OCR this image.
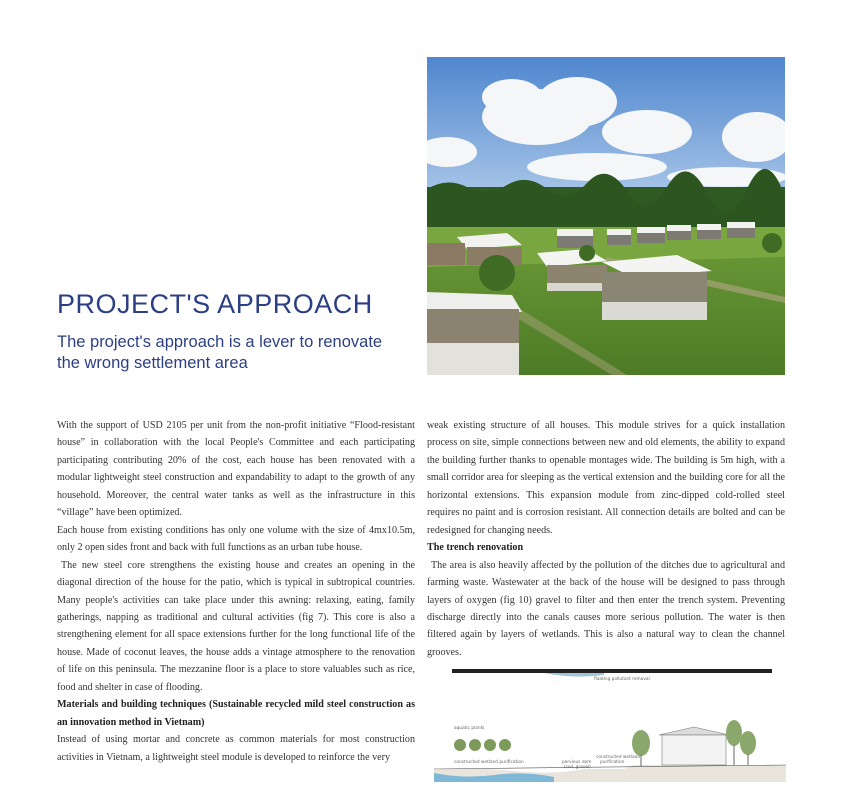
PROJECT'S APPROACH

The project's approach is a lever to renovate the wrong settlement area

With the support of USD 2105 per unit from the non-profit initiative “Flood-resistant house” in collaboration with the local People's Committee and each participating participating contributing 20% of the cost, each house has been renovated with a modular lightweight steel construction and expandability to adapt to the growth of any household. Moreover, the central water tanks as well as the infrastructure in this “village” have been optimized.

Each house from existing conditions has only one volume with the size of 4mx10.5m, only 2 open sides front and back with full functions as an urban tube house.

The new steel core strengthens the existing house and creates an opening in the diagonal direction of the house for the patio, which is typical in subtropical countries. Many people's activities can take place under this awning: relaxing, eating, family gatherings, napping as traditional and cultural activities (fig 7). This core is also a strengthening element for all space extensions further for the long functional life of the house. Made of coconut leaves, the house adds a vintage atmosphere to the renovation of life on this peninsula. The mezzanine floor is a place to store valuables such as rice, food and shelter in case of flooding.

Materials and building techniques (Sustainable recycled mild steel construction as an innovation method in Vietnam)

Instead of using mortar and concrete as common materials for most construction activities in Vietnam, a lightweight steel module is developed to reinforce the very

weak existing structure of all houses. This module strives for a quick installation process on site, simple connections between new and old elements, the ability to expand the building further thanks to openable montages wide. The building is 5m high, with a small corridor area for sleeping as the vertical extension and the building core for all the horizontal extensions. This expansion module from zinc-dipped cold-rolled steel requires no paint and is corrosion resistant. All connection details are bolted and can be redesigned for changing needs.

The trench renovation

The area is also heavily affected by the pollution of the ditches due to agricultural and farming waste. Wastewater at the back of the house will be designed to pass through layers of oxygen (fig 10) gravel to filter and then enter the trench system. Preventing discharge directly into the canals causes more serious pollution. The water is then filtered again by layers of wetlands. This is also a natural way to clean the channel grooves.

floating pollutant removal
aquatic plants
constructed wetland purification	pervious dam
constructed wetland
purification
